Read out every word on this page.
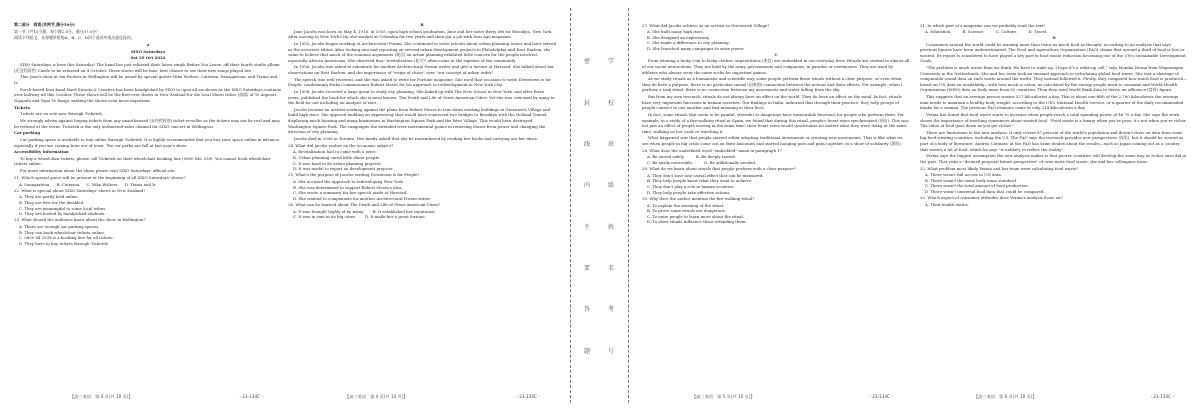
第二部分　阅读(共两节,满分50分)

第一节（共15小题；每小题2.5分，满分37.5分）

阅读下列短文，从每题所给的A、B、C、D四个选项中选出最佳选项。

A

SIXO Saturdays

Sat 29 Oct 2022

SIXO Saturdays is here this Saturday! The band has just released their latest single Before You Leave, off their fourth studio album (还没有面世) Castle to be released on 4 October. These shows will be fans' best chance to see their new songs played live.

This year's show at Six Pockets in Wellington will be joined by special guests Nika Wolters, Caterina, Sanagarioua, and Tiama and Ir.

Porch-based Kiwi band Hard Streets & Creative has been handpicked by SIXO to open all six shows as the SIXO Saturdays continue over halfway till this October. These shows will be the first-ever shows in New Zealand for the local Maori tribes (部落) of Te Aopouri, Ngapuhi and Ngai Te Rangi, making the shows even more important.

Tickets

Tickets are on sale now through Ticketek.

We strongly advise against buying tickets from any unauthorized (未经授权的) ticket re-seller as the tickets may not be real and may be refused at the event. Ticketek is the only authorized sales channel for SIXO concert in Wellington.

Car parking

Car parking space is available to buy online through Ticketek. It is highly recommended that you buy your space online in advance, especially if you are coming from out of town. The car parks are full at last year's show.

Accessibility information

To buy a wheelchair tickets, please call Ticketek on their wheelchair booking line (0800 842 538). You cannot book wheelchair tickets online.

For more information about the show, please visit SIXO Saturdays' official site.

21. Which special guest will be present at the beginning of all SIXO Saturdays' shows?

A. Sanagarioua. B. Caterina. C. Nika Wolters. D. Tiama and Ir.

22. What is special about SIXO Saturdays' shows in New Zealand?

A. They are partly held online.

B. They are free for the disabled.

C. They are meaningful to some local tribes.

D. They are hosted by handpicked students.

23. What should the audience know about the show in Wellington?

A. There are enough car parking spaces.

B. They can book wheelchair tickets online.

C. 0800 84 2538 is a booking line for all tickets.

D. They have to buy tickets through Ticketek.

B

Jane Jacobs was born on May 4, 1916. In 1935, upon high school graduation, Jane and her sister Betty left for Brooklyn, New York. After moving to New York City, she studied at Columbia for two years and then got a job with Iron Age magazine.

In 1952, Jacobs began working at Architectural Forum. She continued to write articles about urban planning issues and later served as the associate editor. After looking into and reporting on several urban development projects in Philadelphia and East Harlem, she came to believe that much of the common arguments (观点) on urban planning exhibited little concern for the people involved, especially African Americans. She observed that "revitalization (复兴)" often came at the expense of the community.

In 1956, Jacobs was asked to substitute for another Architectural Forum writer and give a lecture at Harvard. She talked about her observations on East Harlem, and the importance of "strips of chaos" over "our concept of urban order".

The speech was well received, and she was asked to write for Fortune magazine. She used that occasion to write Downtown is for People, condemning Parks Commissioner Robert Moses for his approach to redevelopment in New York City.

In 1958, Jacobs received a large grant to study city planning. She linked up with The New School in New York, and after three years, published the book for which she is most known, The Death and Life of Great American Cities. Yet she was criticized by many in the field for not including an analysis of race.

Jacobs became an activist working against the plans from Robert Moses to tear down existing buildings in Greenwich Village and build high rises. She opposed building an expressway that would have connected two bridges to Brooklyn with the Holland Tunnel, displacing much housing and many businesses in Washington Square Park and the West Village. This would have destroyed Washington Square Park. The campaigns she attended were instrumental points in removing Moses from power and changing the direction of city planning.

Jacobs died in 2006 in Toronto. Her family asked that she be remembered by reading her books and carrying out her ideas.

24. What did Jacobs realize on the economic subject?

A. Revitalization had to come with a price.

B. Urban planning cared little about people.

C. It was hard to do urban planning projects.

D. It was useful to report on development projects.

25. What's the purpose of Jacobs' writing Downtown is for People?

A. She accused the approach to redeveloping New York.

B. She was determined to support Robert Moses's idea.

C. She wrote a summary for her speech made at Harvard.

D. She wanted to compensate for another Architectural Forum writer.

26. What can be learned about The Death and Life of Great American Cities?

A. It was thought highly of by many. B. It established her reputation.

C. It was in vain in its big cities. D. It made her a great fortune.

【高三英语　第 3 页(共 10 页)】	・23-134C・	【高三英语　第 4 页(共 10 页)】	・23-134C・
密
封
线
内
不
要
答
题
学
校
班
级
姓
名
考
号

27. What did Jacobs achieve as an activist in Greenwich Village?

A. She built many high rises.

B. She designed an expressway.

C. She made a difference to city planning.

D. She launched many campaigns to seize power.

C

From winning a lucky coin to lucky clothes, superstitions (迷信) are embedded in our everyday lives. Rituals are central to almost all of our social interactions. They are held by the army, governments and companies, in parades or ceremonies. They are used by athletes who always wear the same socks for important games.

As we study rituals as a humanistic and scientific way, some people perform these rituals without a clear purpose, or even when they do have a purpose, there is no particular causal (因果的) connection between the actions and their effects. For example, when I perform a task ritual, there is no connection between my movements and water falling from the sky.

But from my own research, rituals do not always have an effect on the world. They do have an effect on the mind. In fact, rituals have very important functions in human societies. Our findings in India, indicated that through their practice, they help groups of people connect to one another and find meaning in their lives.

In fact, some rituals that seem to be painful, stressful or dangerous have measurable functions for people who perform them. For example, in a study of a fire-walking ritual in Spain, we found that during this ritual, people's heart rates synchronized (同步). This was not just an effect of people moving in the same time: their heart rates would synchronize no matter what they were doing at the same time: walking on hot coals or watching it.

What happened was that people started either adopting traditional movements or creating new movements. That is like what we see when people in big crisis come out on their balconies and started banging pots and pans together, in a show of solidarity (团结).

28. What does the underlined word "embedded" mean in paragraph 1?

A. Be stored safely.	B. Be deeply rooted.

C. Be easily noticeable.	D. Be additionally needed.

29. What do we know about rituals that people perform with a clear purpose?

A. They don't have any causal effect that can be measured.

B. They help people know what they want to achieve.

C. They don't play a role in human societies.

D. They help people take effective actions.

30. Why does the author mention the fire-walking ritual?

A. To explain the meaning of the ritual.

B. To prove some rituals are dangerous.

C. To unite people to learn more about the ritual.

D. To show rituals influence those attending them.

31. In which part of a magazine can we probably read the text?

A. Education.	B. Science.	C. Culture.	D. Travel.

D

Consumers around the world could be wasting more than twice as much food as thought, according to an analysis that says previous figures have been underestimated. The Food and Agriculture Organization (FAO) claims that around a third of food is lost or wasted. Its report is considered to have played a key part in food waste reduction becoming one of the UN's Sustainable Development Goals.

"The problem is much worse than we think. We have to wake up. I hope it's a wake-up call," says Monika Verma from Wageningen University in the Netherlands. She and her team took an unusual approach to calculating global food waste. She was a shortage of comparable sound data on such waste around the world. They instead followed it. Firstly, they compared how much food is produced—based on UN data on availability—with how much is eaten, as calculated by the energy people need to consume and World Health Organization (WHO) data on body mass from 63 countries. Then they used World Bank data to derive an affluence (富裕) figure.

This suggests that an average person wastes 527 kilocalories a day. That is about one-fifth of the 2,700 kilocalories the average man needs to maintain a healthy body weight, according to the UK's National Health Service, or a quarter of the daily recommended intake for a woman. The previous FAO estimate came to only 214 kilocalories a day.

Verma has found that food waste starts to increase when people reach a total spending power of $6.70 a day. She says the work shows the importance of teaching consumers about wasted food. "Food waste is a luxury when you're poor; it's not when you're richer. The value of food goes down as you get richer."

There are limitations to the new analysis. It only covers 87 percent of the world's population and doesn't draw on data from some big food-wasting countries, including the US. The FAO says the research provides new perspectives (视角), but it should be viewed as part of a body of literature, Andrea Cattaneo at the FAO has some doubts about the results—such as Japan coming out as a country that wastes a lot of food, which he says "is unlikely to reflect the reality".

Verma says the biggest assumption the new analysis makes is that poorer countries will develop the same way as richer ones did in the past. That risks a "doomed proposal future perspective" of even more food waste, she and her colleagues warn.

32. What problem most likely Verma and her team were calculating food waste?

A. There wasn't full access to UN data.

B. There wasn't the same body mass standard.

C. There wasn't the total amount of food production.

D. There wasn't universal food data that could be compared.

33. Which aspect of consumer attitudes does Verma's analysis focus on?

A. Their health status.

【高三英语　第 5 页(共 10 页)】	・23-134C・	【高三英语　第 6 页(共 10 页)】	・23-134C・
